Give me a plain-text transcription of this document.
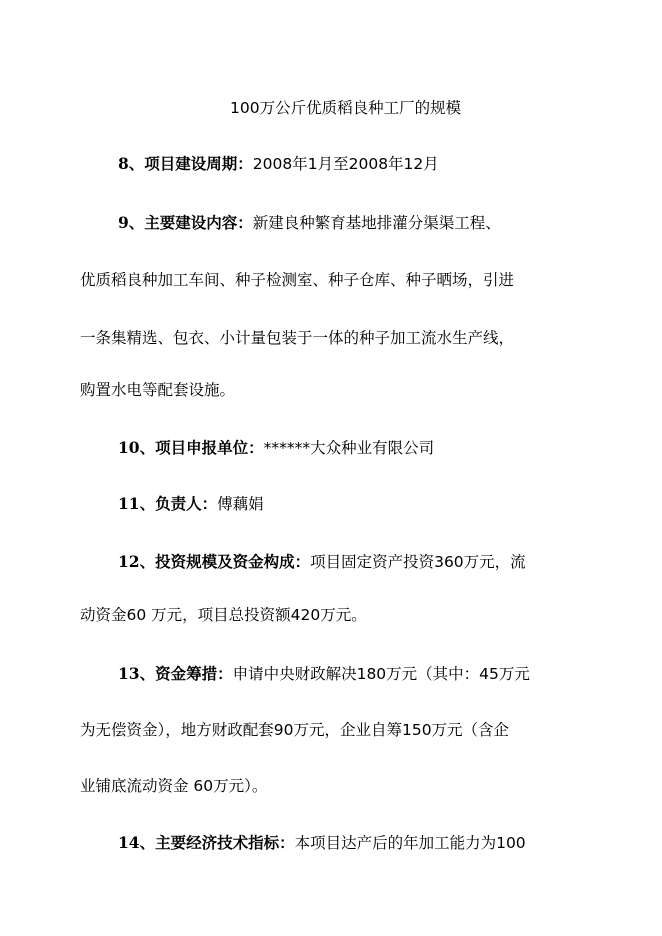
100万公斤优质稻良种工厂的规模
8、项目建设周期：2008年1月至2008年12月
9、主要建设内容：新建良种繁育基地排灌分渠渠工程、
优质稻良种加工车间、种子检测室、种子仓库、种子晒场，引进
一条集精选、包衣、小计量包装于一体的种子加工流水生产线，
购置水电等配套设施。
10、项目申报单位：******大众种业有限公司
11、负责人：傅藕娟
12、投资规模及资金构成：项目固定资产投资360万元，流
动资金60 万元，项目总投资额420万元。
13、资金筹措：申请中央财政解决180万元（其中：45万元
为无偿资金），地方财政配套90万元，企业自筹150万元（含企
业铺底流动资金 60万元）。
14、主要经济技术指标：本项目达产后的年加工能力为100
